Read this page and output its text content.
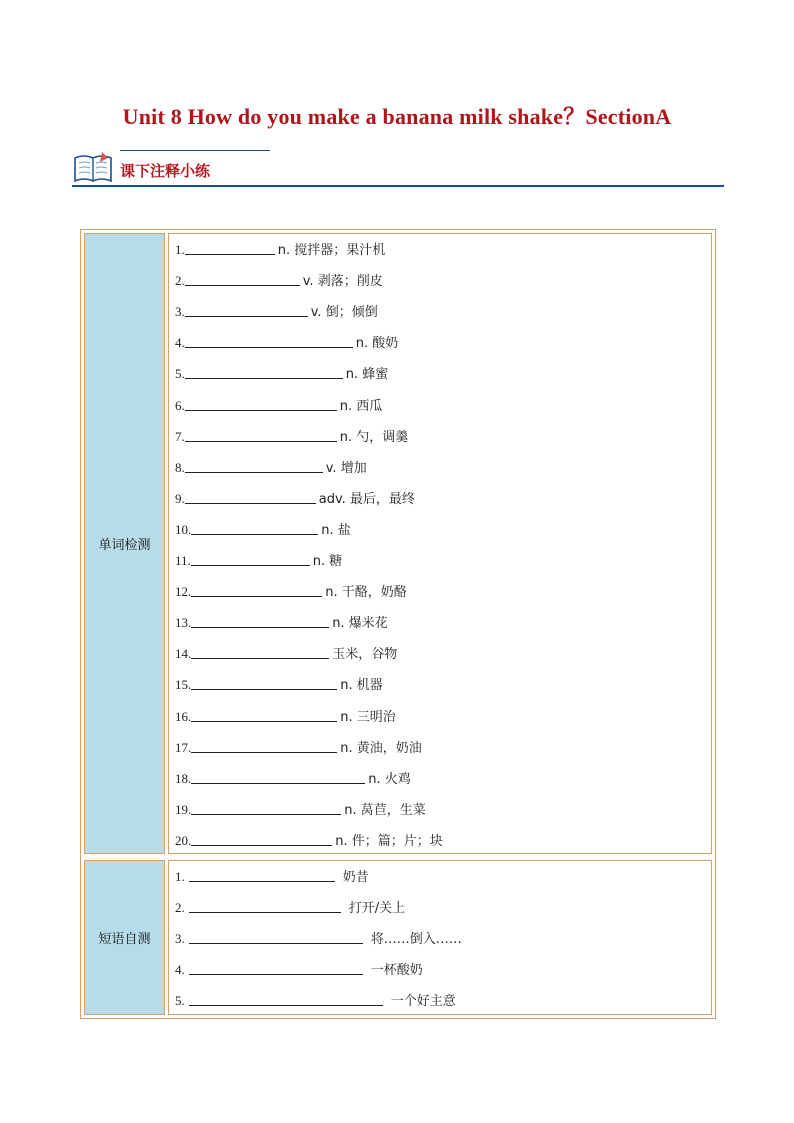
Unit 8 How do you make a banana milk shake？SectionA
课下注释小练
单词检测
1.	n. 搅拌器；果汁机
2.	v. 剥落；削皮
3.	v. 倒；倾倒
4.	n. 酸奶
5.	n. 蜂蜜
6.	n. 西瓜
7.	n. 勺，调羹
8.	v. 增加
9.	adv. 最后，最终
10.	n. 盐
11.	n. 糖
12.	n. 干酪，奶酪
13.	n. 爆米花
14.	玉米，谷物
15.	n. 机器
16.	n. 三明治
17.	n. 黄油，奶油
18.	n. 火鸡
19.	n. 莴苣，生菜
20.	n. 件；篇；片；块
短语自测
1.	奶昔
2.	打开/关上
3.	将……倒入……
4.	一杯酸奶
5.	一个好主意
